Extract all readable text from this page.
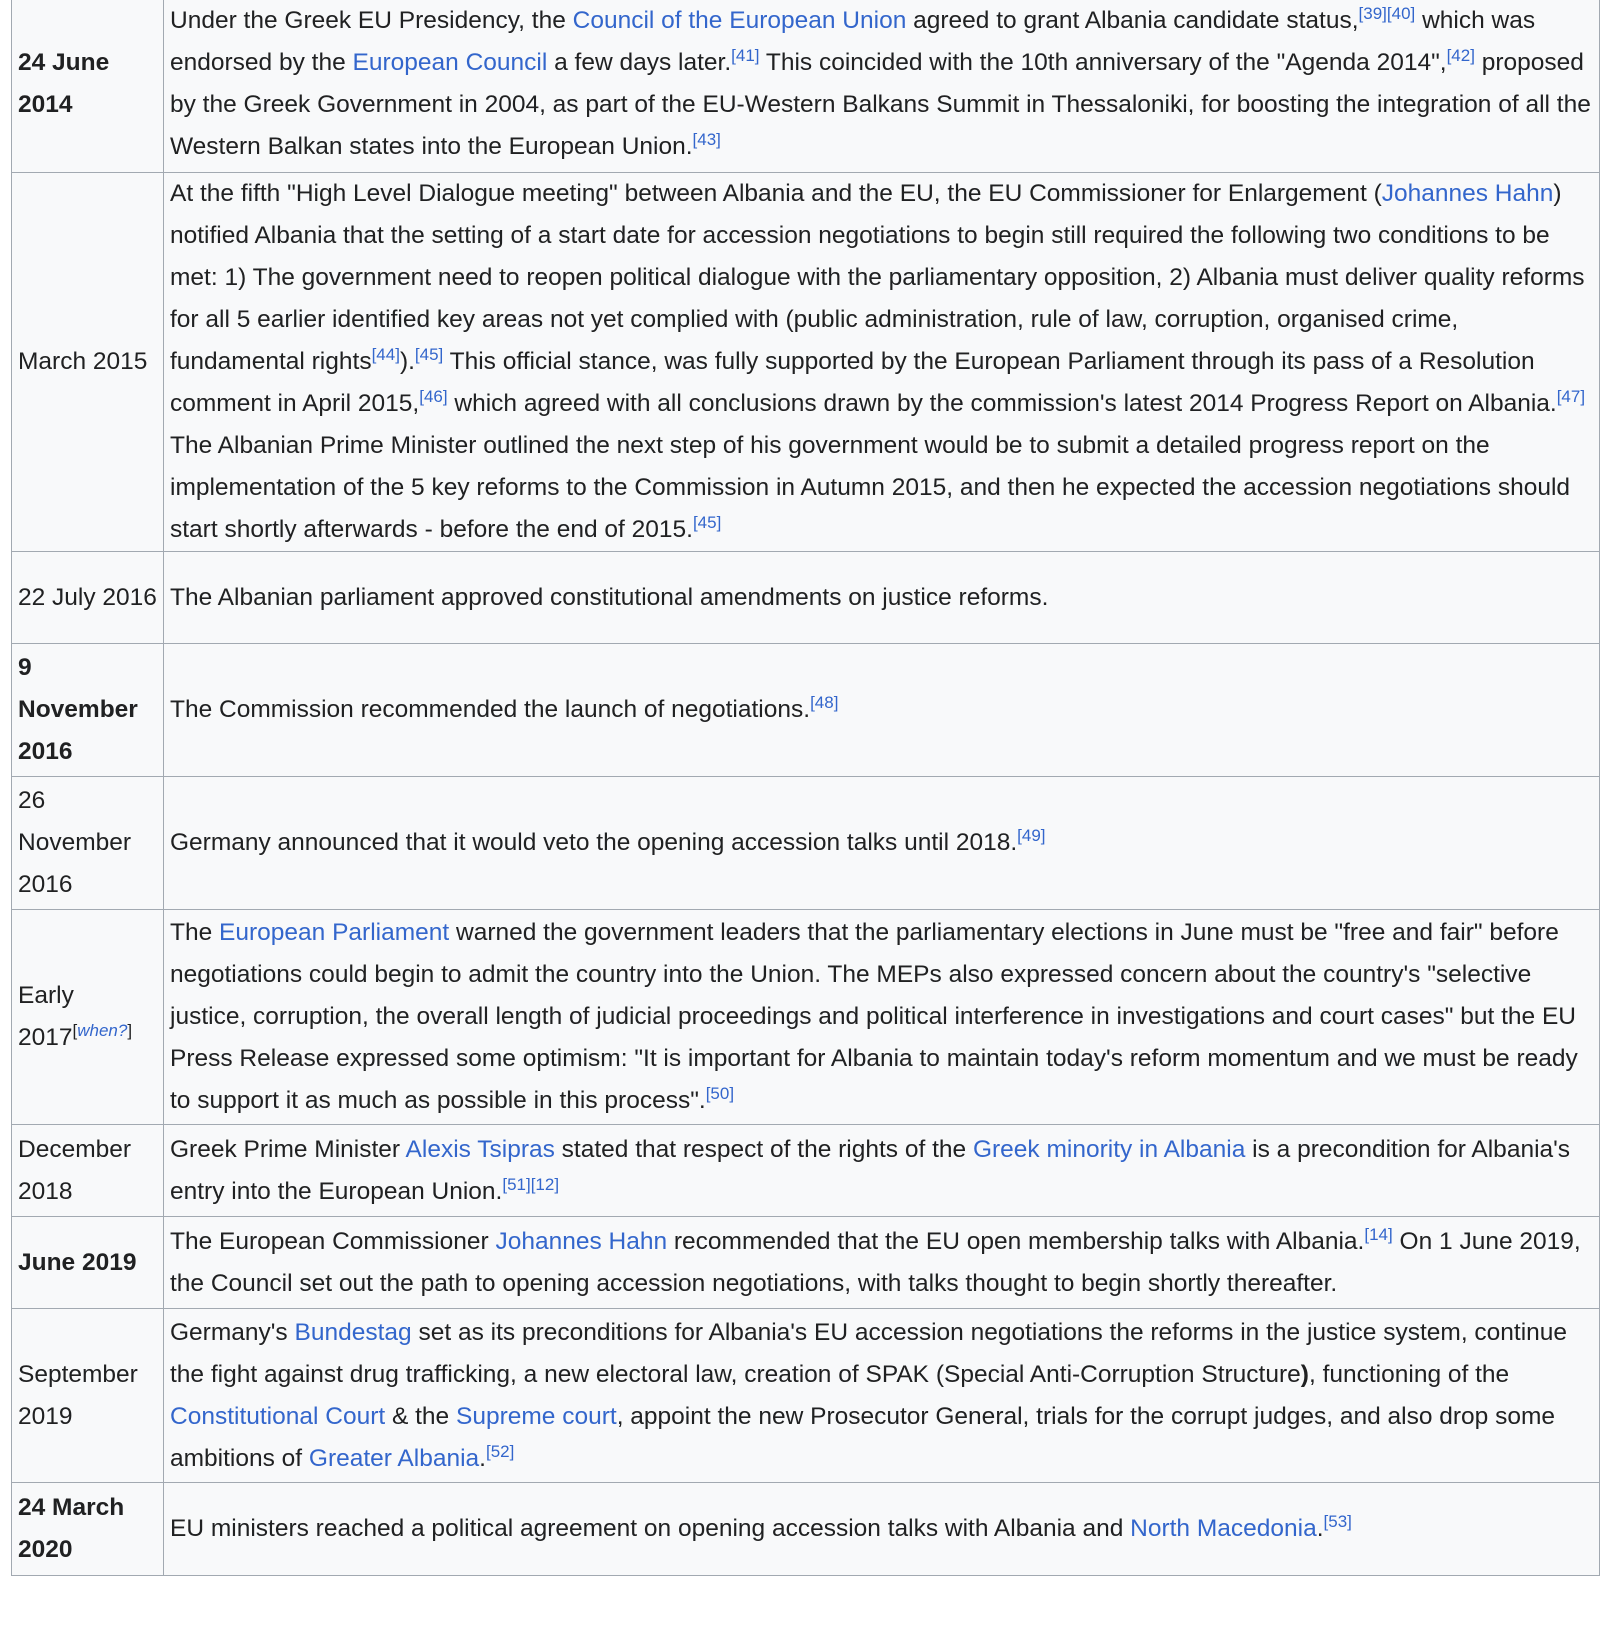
24 June 2014	Under the Greek EU Presidency, the Council of the European Union agreed to grant Albania candidate status,[39][40] which was endorsed by the European Council a few days later.[41] This coincided with the 10th anniversary of the "Agenda 2014",[42] proposed by the Greek Government in 2004, as part of the EU-Western Balkans Summit in Thessaloniki, for boosting the integration of all the Western Balkan states into the European Union.[43]
March 2015	At the fifth "High Level Dialogue meeting" between Albania and the EU, the EU Commissioner for Enlargement (Johannes Hahn) notified Albania that the setting of a start date for accession negotiations to begin still required the following two conditions to be met: 1) The government need to reopen political dialogue with the parliamentary opposition, 2) Albania must deliver quality reforms for all 5 earlier identified key areas not yet complied with (public administration, rule of law, corruption, organised crime, fundamental rights[44]).[45] This official stance, was fully supported by the European Parliament through its pass of a Resolution comment in April 2015,[46] which agreed with all conclusions drawn by the commission's latest 2014 Progress Report on Albania.[47] The Albanian Prime Minister outlined the next step of his government would be to submit a detailed progress report on the implementation of the 5 key reforms to the Commission in Autumn 2015, and then he expected the accession negotiations should start shortly afterwards - before the end of 2015.[45]
22 July 2016	The Albanian parliament approved constitutional amendments on justice reforms.
9 November 2016	The Commission recommended the launch of negotiations.[48]
26 November 2016	Germany announced that it would veto the opening accession talks until 2018.[49]
Early 2017[when?]	The European Parliament warned the government leaders that the parliamentary elections in June must be "free and fair" before negotiations could begin to admit the country into the Union. The MEPs also expressed concern about the country's "selective justice, corruption, the overall length of judicial proceedings and political interference in investigations and court cases" but the EU Press Release expressed some optimism: "It is important for Albania to maintain today's reform momentum and we must be ready to support it as much as possible in this process".[50]
December 2018	Greek Prime Minister Alexis Tsipras stated that respect of the rights of the Greek minority in Albania is a precondition for Albania's entry into the European Union.[51][12]
June 2019	The European Commissioner Johannes Hahn recommended that the EU open membership talks with Albania.[14] On 1 June 2019, the Council set out the path to opening accession negotiations, with talks thought to begin shortly thereafter.
September 2019	Germany's Bundestag set as its preconditions for Albania's EU accession negotiations the reforms in the justice system, continue the fight against drug trafficking, a new electoral law, creation of SPAK (Special Anti-Corruption Structure), functioning of the Constitutional Court & the Supreme court, appoint the new Prosecutor General, trials for the corrupt judges, and also drop some ambitions of Greater Albania.[52]
24 March 2020	EU ministers reached a political agreement on opening accession talks with Albania and North Macedonia.[53]
